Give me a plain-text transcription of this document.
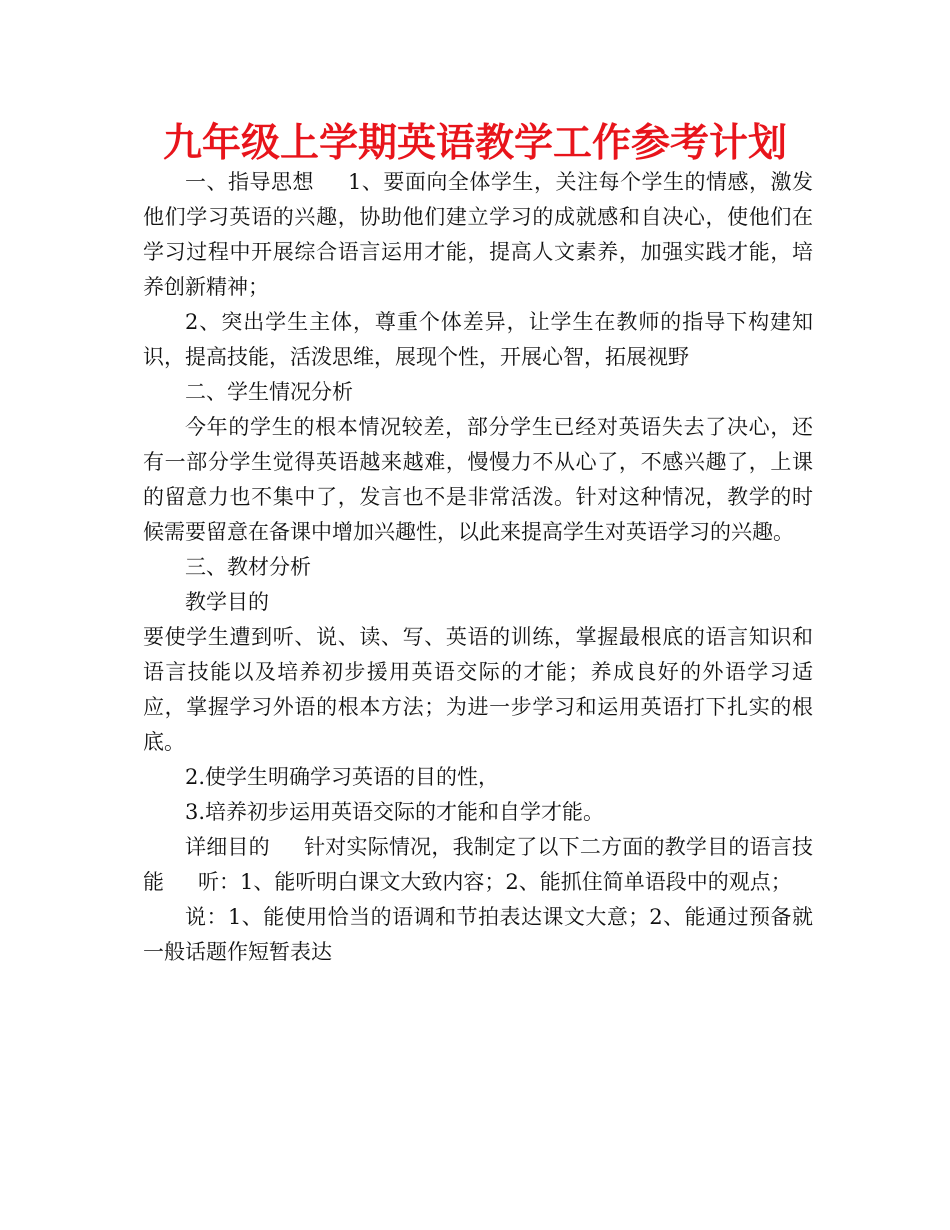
九年级上学期英语教学工作参考计划

一、指导思想 1、要面向全体学生，关注每个学生的情感，激发他们学习英语的兴趣，协助他们建立学习的成就感和自决心，使他们在学习过程中开展综合语言运用才能，提高人文素养，加强实践才能，培养创新精神；

2、突出学生主体，尊重个体差异，让学生在教师的指导下构建知识，提高技能，活泼思维，展现个性，开展心智，拓展视野

二、学生情况分析

今年的学生的根本情况较差，部分学生已经对英语失去了决心，还有一部分学生觉得英语越来越难，慢慢力不从心了，不感兴趣了，上课的留意力也不集中了，发言也不是非常活泼。针对这种情况，教学的时候需要留意在备课中增加兴趣性，以此来提高学生对英语学习的兴趣。

三、教材分析

教学目的

要使学生遭到听、说、读、写、英语的训练，掌握最根底的语言知识和语言技能以及培养初步援用英语交际的才能；养成良好的外语学习适应，掌握学习外语的根本方法；为进一步学习和运用英语打下扎实的根底。

2.使学生明确学习英语的目的性，

3.培养初步运用英语交际的才能和自学才能。

详细目的 针对实际情况，我制定了以下二方面的教学目的语言技能 听：1、能听明白课文大致内容；2、能抓住简单语段中的观点；

说：1、能使用恰当的语调和节拍表达课文大意；2、能通过预备就一般话题作短暂表达
